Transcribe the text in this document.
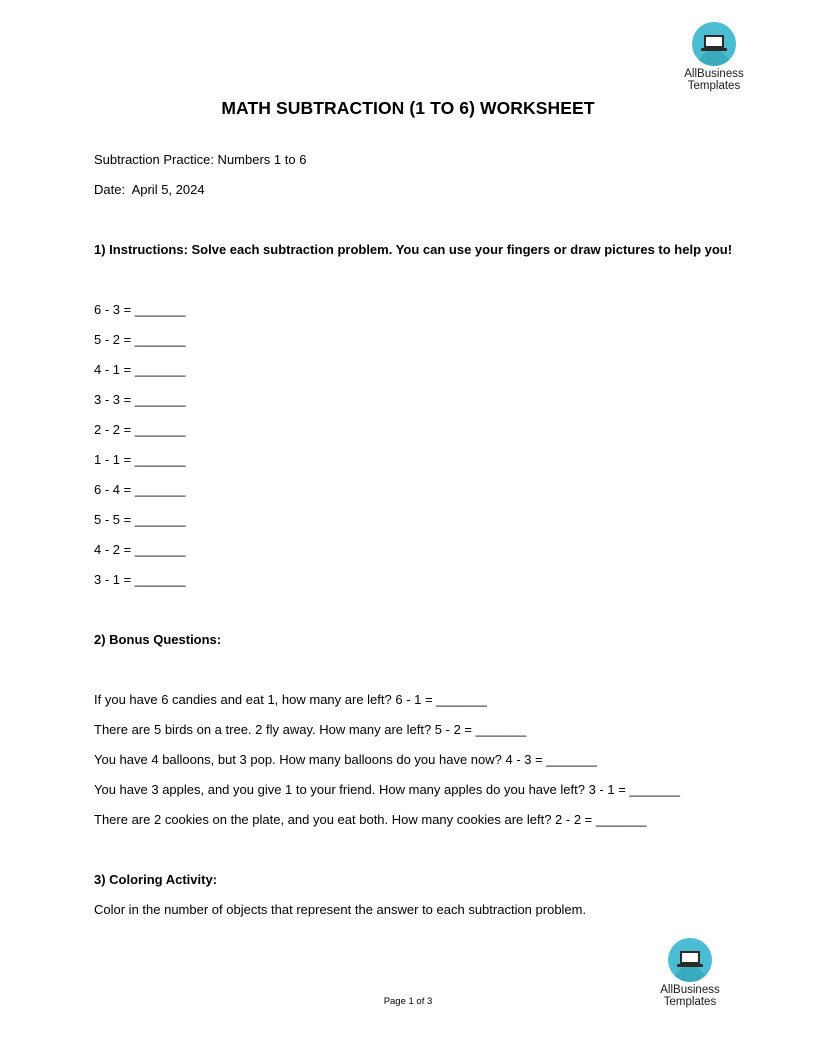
AllBusiness
Templates
MATH SUBTRACTION (1 TO 6) WORKSHEET
Subtraction Practice: Numbers 1 to 6
Date:  April 5, 2024
1) Instructions: Solve each subtraction problem. You can use your fingers or draw pictures to help you!
6 - 3 = _______
5 - 2 = _______
4 - 1 = _______
3 - 3 = _______
2 - 2 = _______
1 - 1 = _______
6 - 4 = _______
5 - 5 = _______
4 - 2 = _______
3 - 1 = _______
2) Bonus Questions:
If you have 6 candies and eat 1, how many are left? 6 - 1 = _______
There are 5 birds on a tree. 2 fly away. How many are left? 5 - 2 = _______
You have 4 balloons, but 3 pop. How many balloons do you have now? 4 - 3 = _______
You have 3 apples, and you give 1 to your friend. How many apples do you have left? 3 - 1 = _______
There are 2 cookies on the plate, and you eat both. How many cookies are left? 2 - 2 = _______
3) Coloring Activity:
Color in the number of objects that represent the answer to each subtraction problem.
AllBusiness
Templates
Page 1 of 3
